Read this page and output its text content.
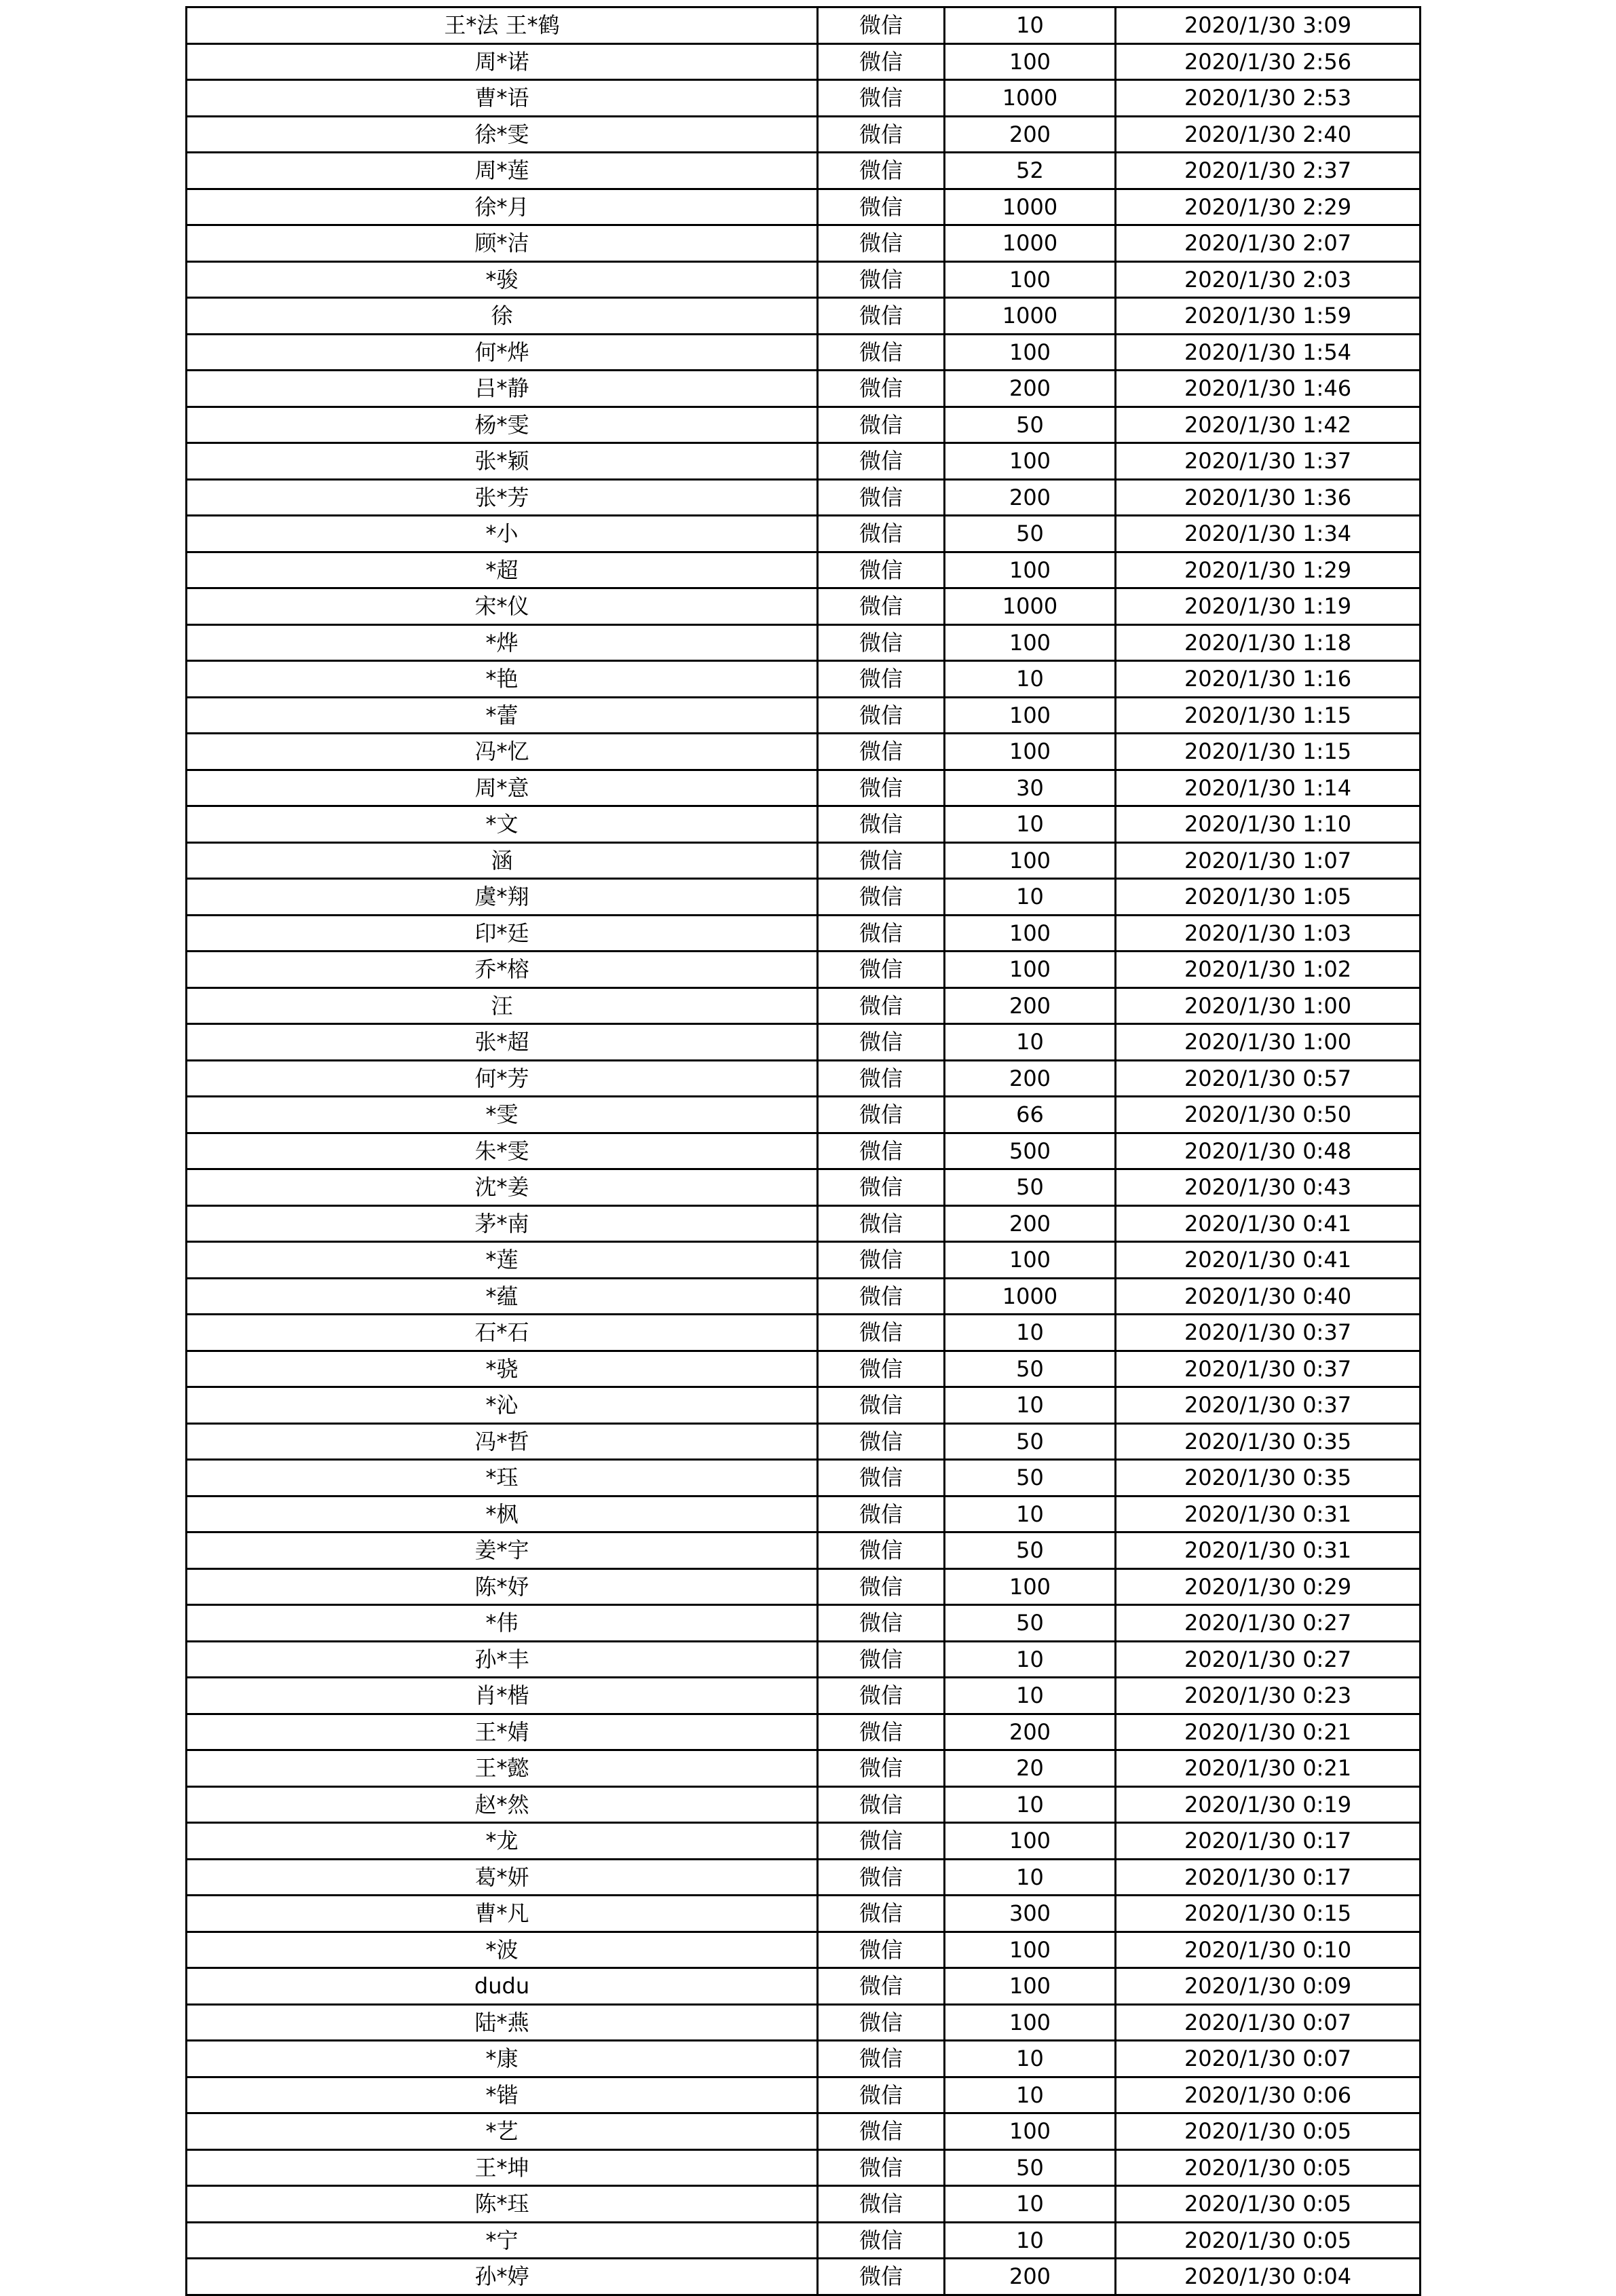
王*法 王*鹤	微信	10	2020/1/30 3:09
周*诺	微信	100	2020/1/30 2:56
曹*语	微信	1000	2020/1/30 2:53
徐*雯	微信	200	2020/1/30 2:40
周*莲	微信	52	2020/1/30 2:37
徐*月	微信	1000	2020/1/30 2:29
顾*洁	微信	1000	2020/1/30 2:07
*骏	微信	100	2020/1/30 2:03
徐	微信	1000	2020/1/30 1:59
何*烨	微信	100	2020/1/30 1:54
吕*静	微信	200	2020/1/30 1:46
杨*雯	微信	50	2020/1/30 1:42
张*颖	微信	100	2020/1/30 1:37
张*芳	微信	200	2020/1/30 1:36
*小	微信	50	2020/1/30 1:34
*超	微信	100	2020/1/30 1:29
宋*仪	微信	1000	2020/1/30 1:19
*烨	微信	100	2020/1/30 1:18
*艳	微信	10	2020/1/30 1:16
*蕾	微信	100	2020/1/30 1:15
冯*忆	微信	100	2020/1/30 1:15
周*意	微信	30	2020/1/30 1:14
*文	微信	10	2020/1/30 1:10
涵	微信	100	2020/1/30 1:07
虞*翔	微信	10	2020/1/30 1:05
印*廷	微信	100	2020/1/30 1:03
乔*榕	微信	100	2020/1/30 1:02
汪	微信	200	2020/1/30 1:00
张*超	微信	10	2020/1/30 1:00
何*芳	微信	200	2020/1/30 0:57
*雯	微信	66	2020/1/30 0:50
朱*雯	微信	500	2020/1/30 0:48
沈*姜	微信	50	2020/1/30 0:43
茅*南	微信	200	2020/1/30 0:41
*莲	微信	100	2020/1/30 0:41
*蕴	微信	1000	2020/1/30 0:40
石*石	微信	10	2020/1/30 0:37
*骁	微信	50	2020/1/30 0:37
*沁	微信	10	2020/1/30 0:37
冯*哲	微信	50	2020/1/30 0:35
*珏	微信	50	2020/1/30 0:35
*枫	微信	10	2020/1/30 0:31
姜*宇	微信	50	2020/1/30 0:31
陈*妤	微信	100	2020/1/30 0:29
*伟	微信	50	2020/1/30 0:27
孙*丰	微信	10	2020/1/30 0:27
肖*楷	微信	10	2020/1/30 0:23
王*婧	微信	200	2020/1/30 0:21
王*懿	微信	20	2020/1/30 0:21
赵*然	微信	10	2020/1/30 0:19
*龙	微信	100	2020/1/30 0:17
葛*妍	微信	10	2020/1/30 0:17
曹*凡	微信	300	2020/1/30 0:15
*波	微信	100	2020/1/30 0:10
dudu	微信	100	2020/1/30 0:09
陆*燕	微信	100	2020/1/30 0:07
*康	微信	10	2020/1/30 0:07
*锴	微信	10	2020/1/30 0:06
*艺	微信	100	2020/1/30 0:05
王*坤	微信	50	2020/1/30 0:05
陈*珏	微信	10	2020/1/30 0:05
*宁	微信	10	2020/1/30 0:05
孙*婷	微信	200	2020/1/30 0:04
